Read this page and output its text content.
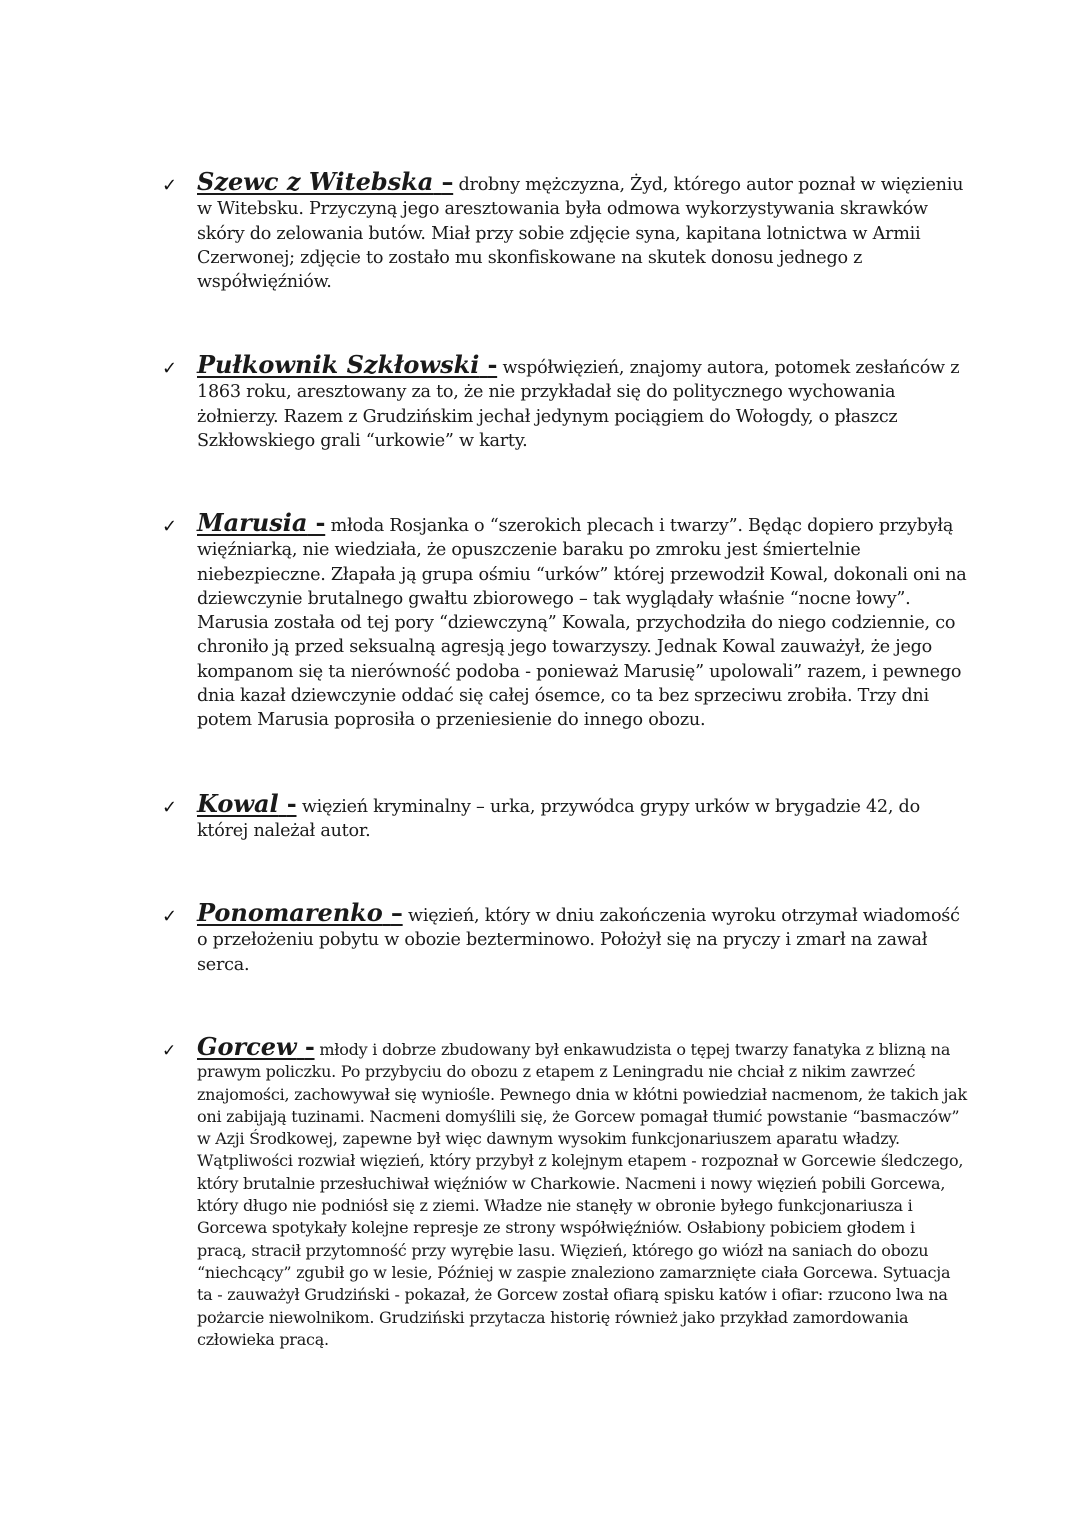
✓ Szewc z Witebska – drobny mężczyzna, Żyd, którego autor poznał w więzieniu w Witebsku. Przyczyną jego aresztowania była odmowa wykorzystywania skrawków skóry do zelowania butów. Miał przy sobie zdjęcie syna, kapitana lotnictwa w Armii Czerwonej; zdjęcie to zostało mu skonfiskowane na skutek donosu jednego z współwięźniów.

✓ Pułkownik Szkłowski - współwięzień, znajomy autora, potomek zesłańców z 1863 roku, aresztowany za to, że nie przykładał się do politycznego wychowania żołnierzy. Razem z Grudzińskim jechał jedynym pociągiem do Wołogdy, o płaszcz Szkłowskiego grali “urkowie” w karty.

✓ Marusia - młoda Rosjanka o “szerokich plecach i twarzy”. Będąc dopiero przybyłą więźniarką, nie wiedziała, że opuszczenie baraku po zmroku jest śmiertelnie niebezpieczne. Złapała ją grupa ośmiu “urków” której przewodził Kowal, dokonali oni na dziewczynie brutalnego gwałtu zbiorowego – tak wyglądały właśnie “nocne łowy”. Marusia została od tej pory “dziewczyną” Kowala, przychodziła do niego codziennie, co chroniło ją przed seksualną agresją jego towarzyszy. Jednak Kowal zauważył, że jego kompanom się ta nierówność podoba - ponieważ Marusię” upolowali” razem, i pewnego dnia kazał dziewczynie oddać się całej ósemce, co ta bez sprzeciwu zrobiła. Trzy dni potem Marusia poprosiła o przeniesienie do innego obozu.

✓ Kowal - więzień kryminalny – urka, przywódca grypy urków w brygadzie 42, do której należał autor.

✓ Ponomarenko – więzień, który w dniu zakończenia wyroku otrzymał wiadomość o przełożeniu pobytu w obozie bezterminowo. Położył się na pryczy i zmarł na zawał serca.

✓ Gorcew - młody i dobrze zbudowany był enkawudzista o tępej twarzy fanatyka z blizną na prawym policzku. Po przybyciu do obozu z etapem z Leningradu nie chciał z nikim zawrzeć znajomości, zachowywał się wyniośle. Pewnego dnia w kłótni powiedział nacmenom, że takich jak oni zabijają tuzinami. Nacmeni domyślili się, że Gorcew pomagał tłumić powstanie “basmaczów” w Azji Środkowej, zapewne był więc dawnym wysokim funkcjonariuszem aparatu władzy. Wątpliwości rozwiał więzień, który przybył z kolejnym etapem - rozpoznał w Gorcewie śledczego, który brutalnie przesłuchiwał więźniów w Charkowie. Nacmeni i nowy więzień pobili Gorcewa, który długo nie podniósł się z ziemi. Władze nie stanęły w obronie byłego funkcjonariusza i Gorcewa spotykały kolejne represje ze strony współwięźniów. Osłabiony pobiciem głodem i pracą, stracił przytomność przy wyrębie lasu. Więzień, którego go wiózł na saniach do obozu “niechcący” zgubił go w lesie, Później w zaspie znaleziono zamarznięte ciała Gorcewa. Sytuacja ta - zauważył Grudziński - pokazał, że Gorcew został ofiarą spisku katów i ofiar: rzucono lwa na pożarcie niewolnikom. Grudziński przytacza historię również jako przykład zamordowania człowieka pracą.
